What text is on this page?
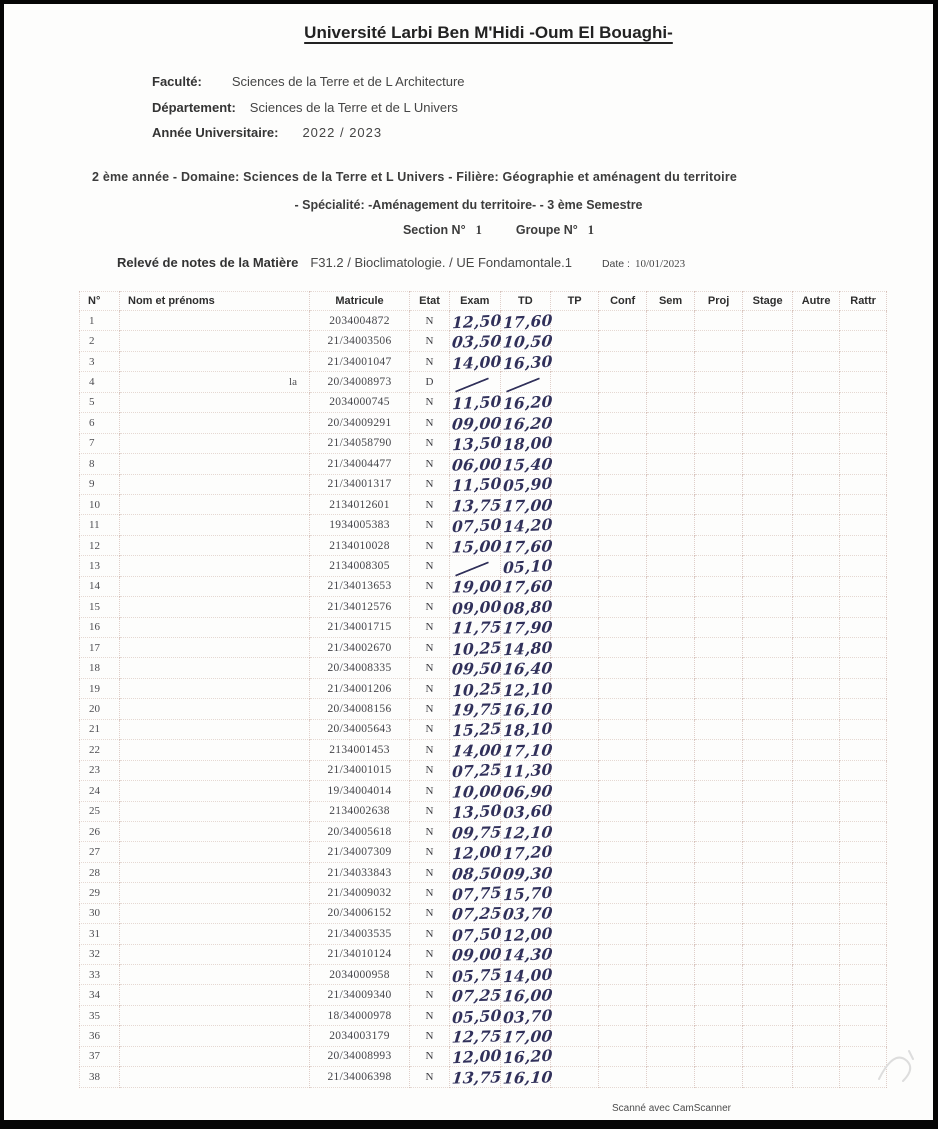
Université Larbi Ben M'Hidi -Oum El Bouaghi-
Faculté: Sciences de la Terre et de L Architecture
Département: Sciences de la Terre et de L Univers
Année Universitaire: 2022 / 2023
2 ème année - Domaine: Sciences de la Terre et L Univers - Filière: Géographie et aménagent du territoire
- Spécialité: -Aménagement du territoire- - 3 ème Semestre
Section N° 1	Groupe N° 1
Relevé de notes de la Matière F31.2 / Bioclimatologie. / UE Fondamontale.1	Date : 10/01/2023
N°	Nom et prénoms	Matricule	Etat	Exam	TD	TP	Conf	Sem	Proj	Stage	Autre	Rattr
1		2034004872	N	12,50	17,60							
2		21/34003506	N	03,50	10,50							
3		21/34001047	N	14,00	16,30							
4	la	20/34008973	D									
5		2034000745	N	11,50	16,20							
6		20/34009291	N	09,00	16,20							
7		21/34058790	N	13,50	18,00							
8		21/34004477	N	06,00	15,40							
9		21/34001317	N	11,50	05,90							
10		2134012601	N	13,75	17,00							
11		1934005383	N	07,50	14,20							
12		2134010028	N	15,00	17,60							
13		2134008305	N		05,10							
14		21/34013653	N	19,00	17,60							
15		21/34012576	N	09,00	08,80							
16		21/34001715	N	11,75	17,90							
17		21/34002670	N	10,25	14,80							
18		20/34008335	N	09,50	16,40							
19		21/34001206	N	10,25	12,10							
20		20/34008156	N	19,75	16,10							
21		20/34005643	N	15,25	18,10							
22		2134001453	N	14,00	17,10							
23		21/34001015	N	07,25	11,30							
24		19/34004014	N	10,00	06,90							
25		2134002638	N	13,50	03,60							
26		20/34005618	N	09,75	12,10							
27		21/34007309	N	12,00	17,20							
28		21/34033843	N	08,50	09,30							
29		21/34009032	N	07,75	15,70							
30		20/34006152	N	07,25	03,70							
31		21/34003535	N	07,50	12,00							
32		21/34010124	N	09,00	14,30							
33		2034000958	N	05,75	14,00							
34		21/34009340	N	07,25	16,00							
35		18/34000978	N	05,50	03,70							
36		2034003179	N	12,75	17,00							
37		20/34008993	N	12,00	16,20							
38		21/34006398	N	13,75	16,10							
Scanné avec CamScanner
